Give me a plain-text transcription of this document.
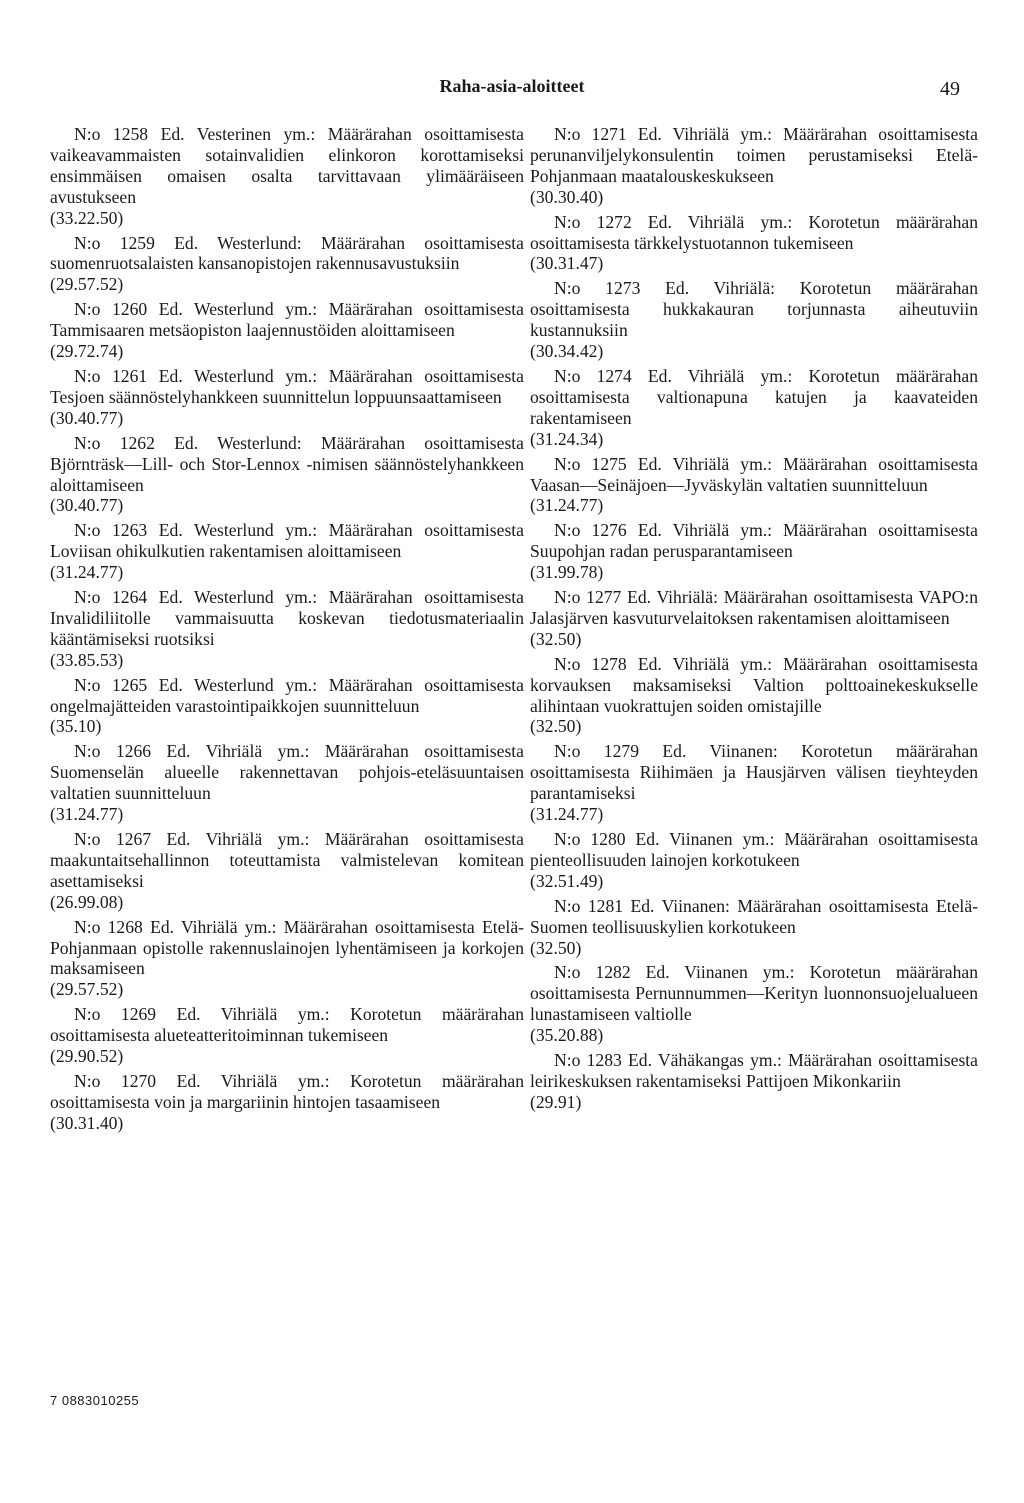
Raha-asia-aloitteet	49

N:o 1258 Ed. Vesterinen ym.: Määrärahan osoittamisesta vaikeavammaisten sotainvalidien elinkoron korottamiseksi ensimmäisen omaisen osalta tarvittavaan ylimääräiseen avustukseen

(33.22.50)

N:o 1259 Ed. Westerlund: Määrärahan osoittamisesta suomenruotsalaisten kansanopistojen rakennusavustuksiin

(29.57.52)

N:o 1260 Ed. Westerlund ym.: Määrärahan osoittamisesta Tammisaaren metsäopiston laajennustöiden aloittamiseen

(29.72.74)

N:o 1261 Ed. Westerlund ym.: Määrärahan osoittamisesta Tesjoen säännöstelyhankkeen suunnittelun loppuunsaattamiseen

(30.40.77)

N:o 1262 Ed. Westerlund: Määrärahan osoittamisesta Björnträsk—Lill- och Stor-Lennox -nimisen säännöstelyhankkeen aloittamiseen

(30.40.77)

N:o 1263 Ed. Westerlund ym.: Määrärahan osoittamisesta Loviisan ohikulkutien rakentamisen aloittamiseen

(31.24.77)

N:o 1264 Ed. Westerlund ym.: Määrärahan osoittamisesta Invalidiliitolle vammaisuutta koskevan tiedotusmateriaalin kääntämiseksi ruotsiksi

(33.85.53)

N:o 1265 Ed. Westerlund ym.: Määrärahan osoittamisesta ongelmajätteiden varastointipaikkojen suunnitteluun

(35.10)

N:o 1266 Ed. Vihriälä ym.: Määrärahan osoittamisesta Suomenselän alueelle rakennettavan pohjois-eteläsuuntaisen valtatien suunnitteluun

(31.24.77)

N:o 1267 Ed. Vihriälä ym.: Määrärahan osoittamisesta maakuntaitsehallinnon toteuttamista valmistelevan komitean asettamiseksi

(26.99.08)

N:o 1268 Ed. Vihriälä ym.: Määrärahan osoittamisesta Etelä-Pohjanmaan opistolle rakennuslainojen lyhentämiseen ja korkojen maksamiseen

(29.57.52)

N:o 1269 Ed. Vihriälä ym.: Korotetun määrärahan osoittamisesta alueteatteritoiminnan tukemiseen

(29.90.52)

N:o 1270 Ed. Vihriälä ym.: Korotetun määrärahan osoittamisesta voin ja margariinin hintojen tasaamiseen

(30.31.40)

N:o 1271 Ed. Vihriälä ym.: Määrärahan osoittamisesta perunanviljelykonsulentin toimen perustamiseksi Etelä-Pohjanmaan maatalouskeskukseen

(30.30.40)

N:o 1272 Ed. Vihriälä ym.: Korotetun määrärahan osoittamisesta tärkkelystuotannon tukemiseen

(30.31.47)

N:o 1273 Ed. Vihriälä: Korotetun määrärahan osoittamisesta hukkakauran torjunnasta aiheutuviin kustannuksiin

(30.34.42)

N:o 1274 Ed. Vihriälä ym.: Korotetun määrärahan osoittamisesta valtionapuna katujen ja kaavateiden rakentamiseen

(31.24.34)

N:o 1275 Ed. Vihriälä ym.: Määrärahan osoittamisesta Vaasan—Seinäjoen—Jyväskylän valtatien suunnitteluun

(31.24.77)

N:o 1276 Ed. Vihriälä ym.: Määrärahan osoittamisesta Suupohjan radan perusparantamiseen

(31.99.78)

N:o 1277 Ed. Vihriälä: Määrärahan osoittamisesta VAPO:n Jalasjärven kasvuturvelaitoksen rakentamisen aloittamiseen

(32.50)

N:o 1278 Ed. Vihriälä ym.: Määrärahan osoittamisesta korvauksen maksamiseksi Valtion polttoainekeskukselle alihintaan vuokrattujen soiden omistajille

(32.50)

N:o 1279 Ed. Viinanen: Korotetun määrärahan osoittamisesta Riihimäen ja Hausjärven välisen tieyhteyden parantamiseksi

(31.24.77)

N:o 1280 Ed. Viinanen ym.: Määrärahan osoittamisesta pienteollisuuden lainojen korkotukeen

(32.51.49)

N:o 1281 Ed. Viinanen: Määrärahan osoittamisesta Etelä-Suomen teollisuuskylien korkotukeen

(32.50)

N:o 1282 Ed. Viinanen ym.: Korotetun määrärahan osoittamisesta Pernunnummen—Kerityn luonnonsuojelualueen lunastamiseen valtiolle

(35.20.88)

N:o 1283 Ed. Vähäkangas ym.: Määrärahan osoittamisesta leirikeskuksen rakentamiseksi Pattijoen Mikonkariin

(29.91)

7 0883010255
